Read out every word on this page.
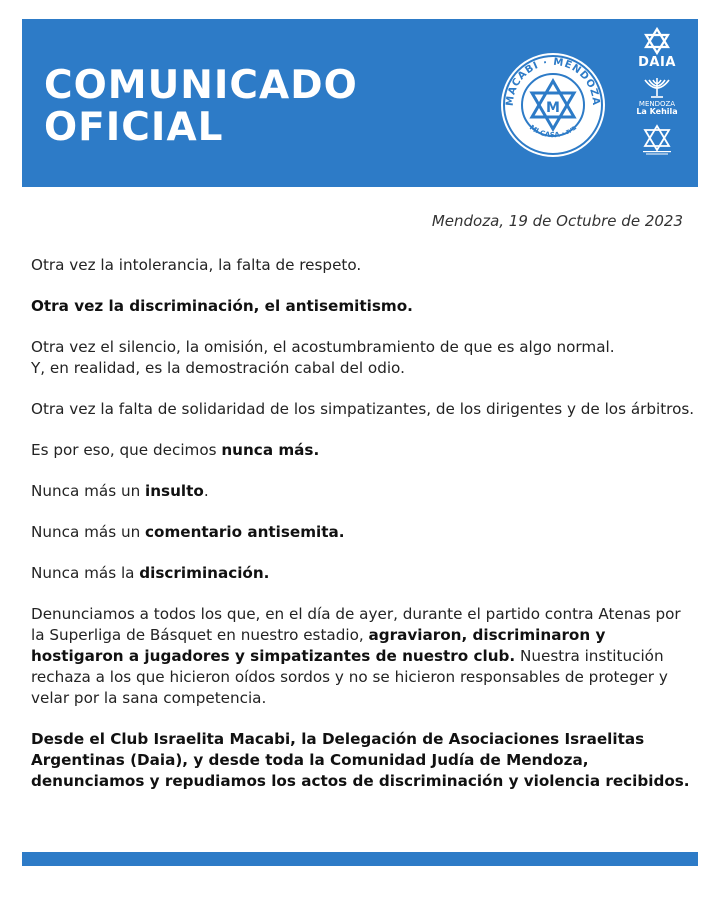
COMUNICADO
OFICIAL
MACABI · MENDOZA
MI CASA · בית
M
DAIA
MENDOZA
La Kehila
Mendoza, 19 de Octubre de 2023

Otra vez la intolerancia, la falta de respeto.

Otra vez la discriminación, el antisemitismo.

Otra vez el silencio, la omisión, el acostumbramiento de que es algo normal.
Y, en realidad, es la demostración cabal del odio.

Otra vez la falta de solidaridad de los simpatizantes, de los dirigentes y de los árbitros.

Es por eso, que decimos nunca más.

Nunca más un insulto.

Nunca más un comentario antisemita.

Nunca más la discriminación.

Denunciamos a todos los que, en el día de ayer, durante el partido contra Atenas por la Superliga de Básquet en nuestro estadio, agraviaron, discriminaron y hostigaron a jugadores y simpatizantes de nuestro club. Nuestra institución rechaza a los que hicieron oídos sordos y no se hicieron responsables de proteger y velar por la sana competencia.

Desde el Club Israelita Macabi, la Delegación de Asociaciones Israelitas Argentinas (Daia), y desde toda la Comunidad Judía de Mendoza, denunciamos y repudiamos los actos de discriminación y violencia recibidos.
